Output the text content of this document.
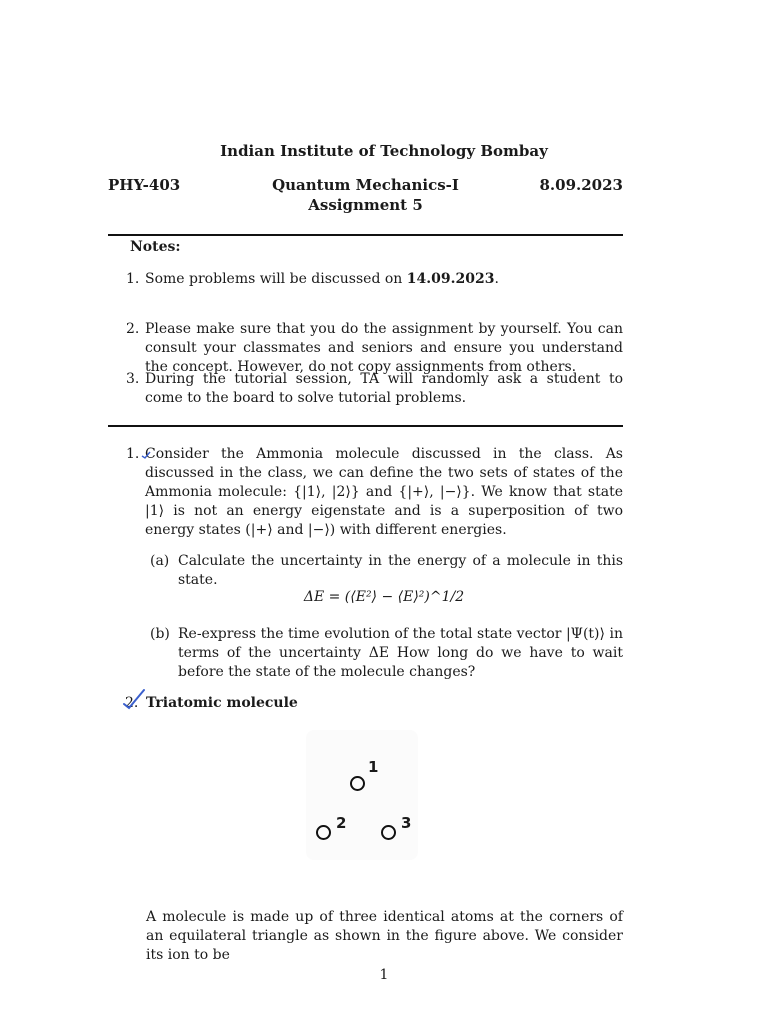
Indian Institute of Technology Bombay
PHY-403	Quantum Mechanics-I
Assignment 5
8.09.2023
Notes:
1. Some problems will be discussed on 14.09.2023.
2. Please make sure that you do the assignment by yourself. You can consult your classmates and seniors and ensure you understand the concept. However, do not copy assignments from others.
3. During the tutorial session, TA will randomly ask a student to come to the board to solve tutorial problems.
1. Consider the Ammonia molecule discussed in the class. As discussed in the class, we can define the two sets of states of the Ammonia molecule: {|1⟩, |2⟩} and {|+⟩, |−⟩}. We know that state |1⟩ is not an energy eigenstate and is a superposition of two energy states (|+⟩ and |−⟩) with different energies.
(a) Calculate the uncertainty in the energy of a molecule in this state.
ΔE = (⟨E²⟩ − ⟨E⟩²)^1/2
(b) Re-express the time evolution of the total state vector |Ψ(t)⟩ in terms of the uncertainty ΔE How long do we have to wait before the state of the molecule changes?
2. Triatomic molecule
1
2	3
A molecule is made up of three identical atoms at the corners of an equilateral triangle as shown in the figure above. We consider its ion to be
1
